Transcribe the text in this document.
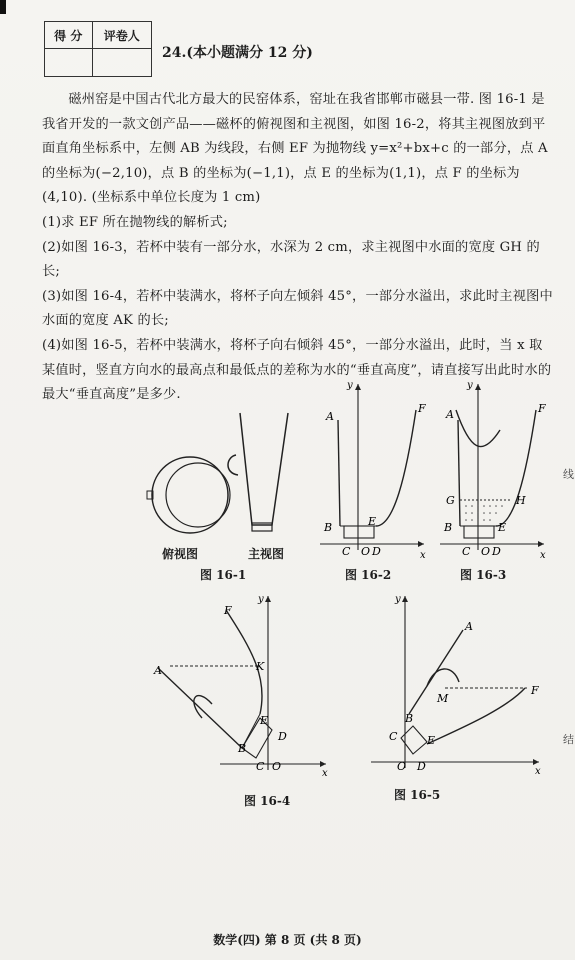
得 分	评卷人

24.(本小题满分 12 分)

磁州窑是中国古代北方最大的民窑体系，窑址在我省邯郸市磁县一带. 图 16-1 是我省开发的一款文创产品——磁杯的俯视图和主视图，如图 16-2，将其主视图放到平面直角坐标系中，左侧 AB 为线段，右侧 EF 为抛物线 y=x²+bx+c 的一部分，点 A 的坐标为(−2,10)，点 B 的坐标为(−1,1)，点 E 的坐标为(1,1)，点 F 的坐标为(4,10). (坐标系中单位长度为 1 cm)

(1)求 EF 所在抛物线的解析式;

(2)如图 16-3，若杯中装有一部分水，水深为 2 cm，求主视图中水面的宽度 GH 的长;

(3)如图 16-4，若杯中装满水，将杯子向左倾斜 45°，一部分水溢出，求此时主视图中水面的宽度 AK 的长;

(4)如图 16-5，若杯中装满水，将杯子向右倾斜 45°，一部分水溢出，此时，当 x 取某值时，竖直方向水的最高点和最低点的差称为水的“垂直高度”，请直接写出此时水的最大“垂直高度”是多少.

俯视图	主视图
图 16-1
A
B	E
F
C O D	x
y
图 16-2
A
G	H
B	E
F
C O D	x
y
图 16-3
A	K
F
E
D
B
C O
x
y
图 16-4
A
M
F
B
C	E
O D	x
y
图 16-5
线
结
数学(四) 第 8 页 (共 8 页)
